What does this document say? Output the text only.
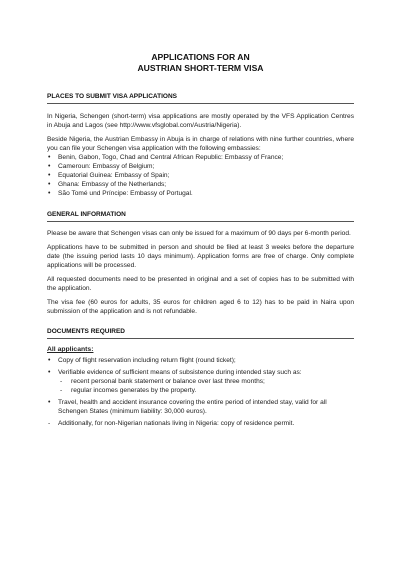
APPLICATIONS FOR AN
AUSTRIAN SHORT-TERM VISA
PLACES TO SUBMIT VISA APPLICATIONS

In Nigeria, Schengen (short-term) visa applications are mostly operated by the VFS Application Centres in Abuja and Lagos (see http://www.vfsglobal.com/Austria/Nigeria).

Beside Nigeria, the Austrian Embassy in Abuja is in charge of relations with nine further countries, where you can file your Schengen visa application with the following embassies:

• Benin, Gabon, Togo, Chad and Central African Republic: Embassy of France;
• Cameroun: Embassy of Belgium;
• Equatorial Guinea: Embassy of Spain;
• Ghana: Embassy of the Netherlands;
• São Tomé und Príncipe: Embassy of Portugal.
GENERAL INFORMATION

Please be aware that Schengen visas can only be issued for a maximum of 90 days per 6-month period.

Applications have to be submitted in person and should be filed at least 3 weeks before the departure date (the issuing period lasts 10 days minimum). Application forms are free of charge. Only complete applications will be processed.

All requested documents need to be presented in original and a set of copies has to be submitted with the application.

The visa fee (60 euros for adults, 35 euros for children aged 6 to 12) has to be paid in Naira upon submission of the application and is not refundable.

DOCUMENTS REQUIRED
All applicants:
• Copy of flight reservation including return flight (round ticket);
• Verifiable evidence of sufficient means of subsistence during intended stay such as:
- recent personal bank statement or balance over last three months;
- regular incomes generates by the property.
• Travel, health and accident insurance covering the entire period of intended stay, valid for all Schengen States (minimum liability: 30,000 euros).
- Additionally, for non-Nigerian nationals living in Nigeria: copy of residence permit.
